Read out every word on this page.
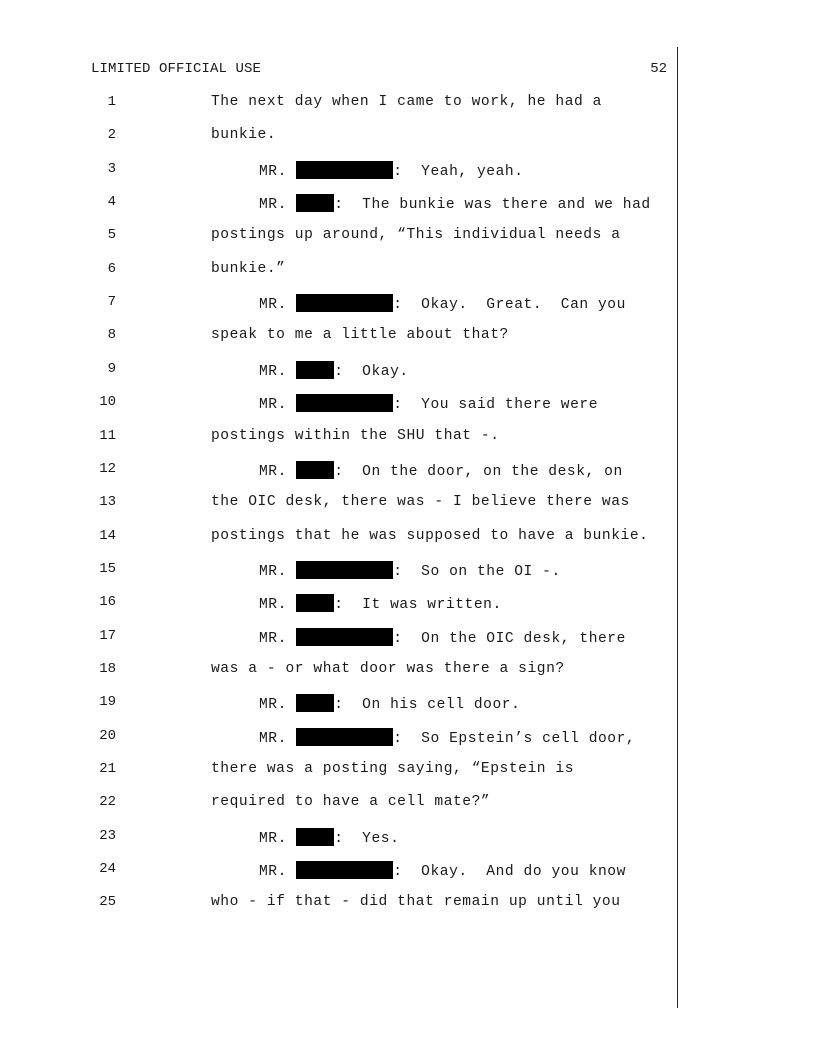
LIMITED OFFICIAL USE	52
1	The next day when I came to work, he had a
2	bunkie.
3	MR.	:  Yeah, yeah.
4	MR.	:  The bunkie was there and we had
5	postings up around, “This individual needs a
6	bunkie.”
7	MR.	:  Okay.  Great.  Can you
8	speak to me a little about that?
9	MR.	:  Okay.
10	MR.	:  You said there were
11	postings within the SHU that -.
12	MR.	:  On the door, on the desk, on
13	the OIC desk, there was - I believe there was
14	postings that he was supposed to have a bunkie.
15	MR.	:  So on the OI -.
16	MR.	:  It was written.
17	MR.	:  On the OIC desk, there
18	was a - or what door was there a sign?
19	MR.	:  On his cell door.
20	MR.	:  So Epstein’s cell door,
21	there was a posting saying, “Epstein is
22	required to have a cell mate?”
23	MR.	:  Yes.
24	MR.	:  Okay.  And do you know
25	who - if that - did that remain up until you
